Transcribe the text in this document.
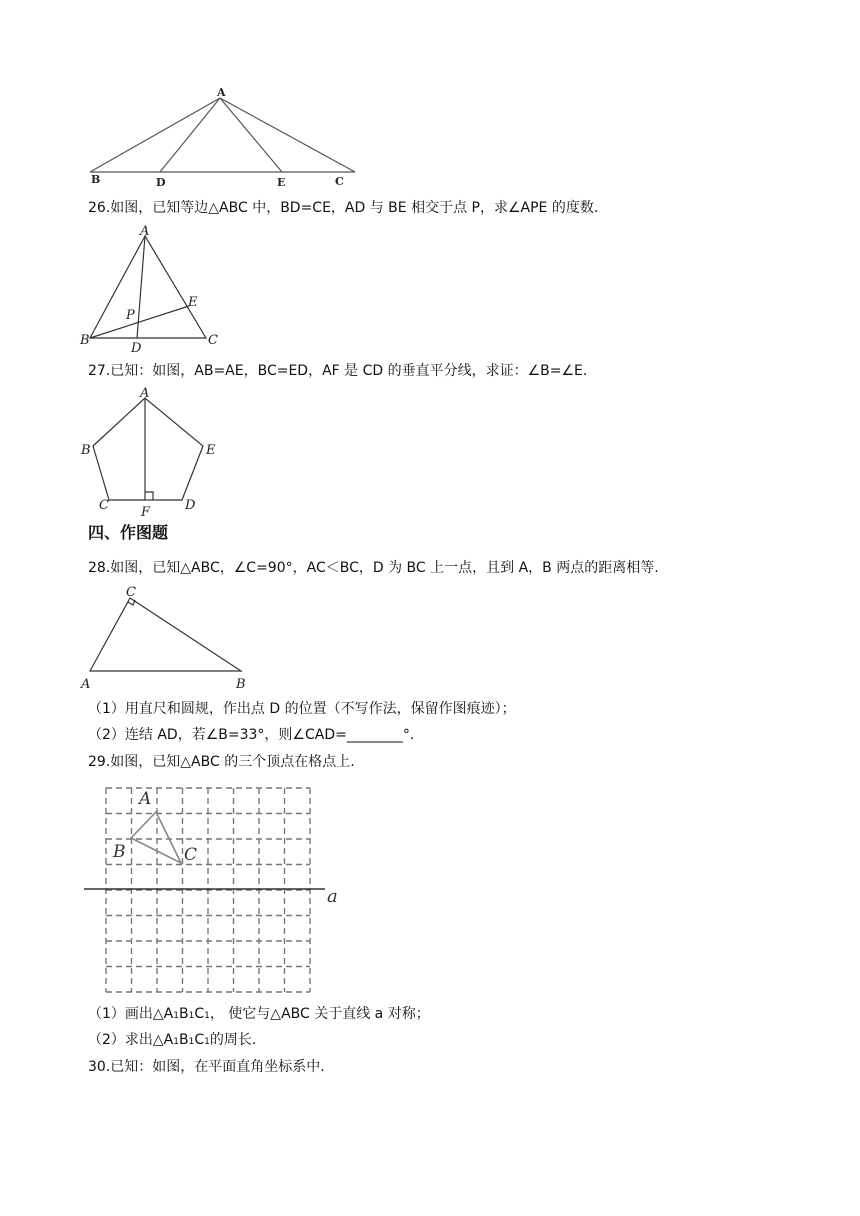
A
B	D	E	C
26.如图，已知等边△ABC 中，BD=CE，AD 与 BE 相交于点 P，求∠APE 的度数.
A
B	C
D
E
P
27.已知：如图，AB=AE，BC=ED，AF 是 CD 的垂直平分线，求证：∠B=∠E.
A
B	E
C	D
F
四、作图题
28.如图，已知△ABC，∠C=90°，AC＜BC，D 为 BC 上一点，且到 A，B 两点的距离相等.
C
A	B
（1）用直尺和圆规，作出点 D 的位置（不写作法，保留作图痕迹）；
（2）连结 AD，若∠B=33°，则∠CAD=________°.
29.如图，已知△ABC 的三个顶点在格点上.
A
B	C
a
（1）画出△A1B1C1， 使它与△ABC 关于直线 a 对称；
（2）求出△A1B1C1的周长.
30.已知：如图，在平面直角坐标系中.
